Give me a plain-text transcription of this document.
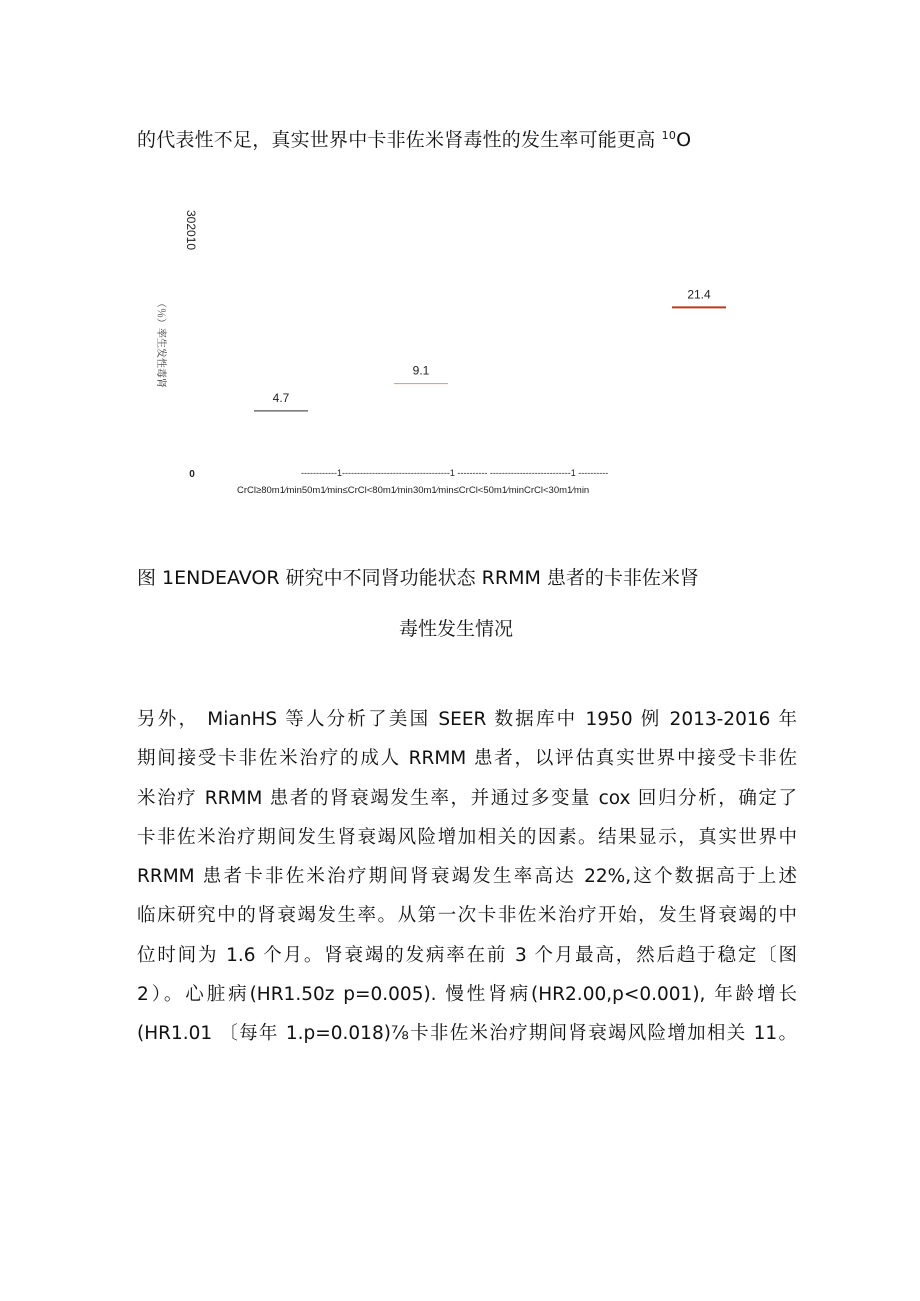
的代表性不足，真实世界中卡非佐米肾毒性的发生率可能更高 $^{10}$O
302010
（％）率生发性毒肾
0	------------1------------------------------------1 ---------- ---------------------------1 ----------
CrCl≥80m1∕min50m1∕min≤CrCl<80m1∕min30m1∕min≤CrCl<50m1∕minCrCl<30m1∕min
4.7
9.1
21.4
图 1ENDEAVOR 研究中不同肾功能状态 RRMM 患者的卡非佐米肾
毒性发生情况
另外， MianHS 等人分析了美国 SEER 数据库中 1950 例 2013-2016 年
期间接受卡非佐米治疗的成人 RRMM 患者，以评估真实世界中接受卡非佐
米治疗 RRMM 患者的肾衰竭发生率，并通过多变量 cox 回归分析，确定了
卡非佐米治疗期间发生肾衰竭风险增加相关的因素。结果显示，真实世界中
RRMM 患者卡非佐米治疗期间肾衰竭发生率高达 22%,这个数据高于上述
临床研究中的肾衰竭发生率。从第一次卡非佐米治疗开始，发生肾衰竭的中
位时间为 1.6 个月。肾衰竭的发病率在前 3 个月最高，然后趋于稳定〔图
2）。心脏病(HR1.50z p=0.005). 慢性肾病(HR2.00,p<0.001), 年龄增长
(HR1.01 〔每年 1.p=0.018)⅞卡非佐米治疗期间肾衰竭风险增加相关 11。
